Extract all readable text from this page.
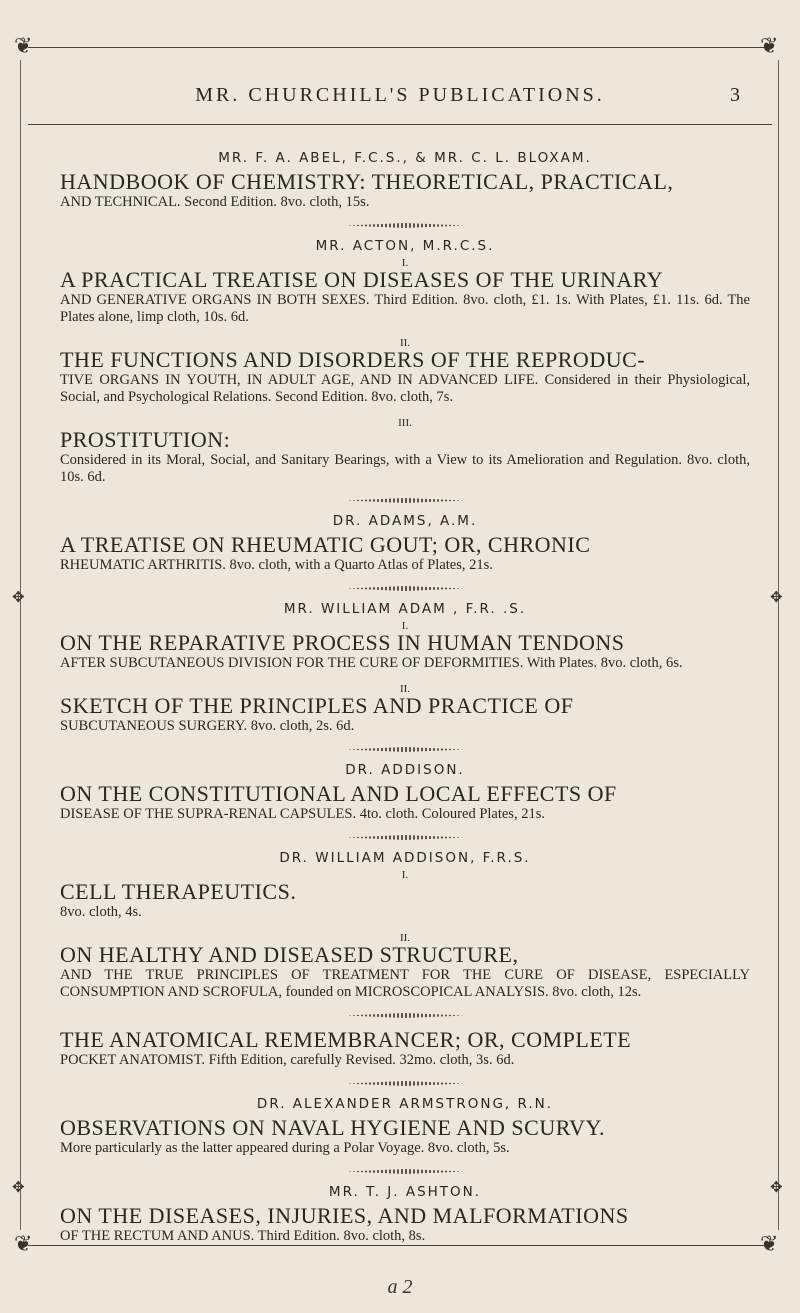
❦	❦
❦	❦
✥	✥
✥	✥
MR. CHURCHILL'S PUBLICATIONS.	3

MR. F. A. ABEL, F.C.S., & MR. C. L. BLOXAM.

HANDBOOK OF CHEMISTRY: THEORETICAL, PRACTICAL,

AND TECHNICAL. Second Edition. 8vo. cloth, 15s.

MR. ACTON, M.R.C.S.

I.

A PRACTICAL TREATISE ON DISEASES OF THE URINARY

AND GENERATIVE ORGANS IN BOTH SEXES. Third Edition. 8vo. cloth, £1. 1s. With Plates, £1. 11s. 6d. The Plates alone, limp cloth, 10s. 6d.

II.

THE FUNCTIONS AND DISORDERS OF THE REPRODUC-

TIVE ORGANS IN YOUTH, IN ADULT AGE, AND IN ADVANCED LIFE. Considered in their Physiological, Social, and Psychological Relations. Second Edition. 8vo. cloth, 7s.

III.

PROSTITUTION:

Considered in its Moral, Social, and Sanitary Bearings, with a View to its Amelioration and Regulation. 8vo. cloth, 10s. 6d.

DR. ADAMS, A.M.

A TREATISE ON RHEUMATIC GOUT; OR, CHRONIC

RHEUMATIC ARTHRITIS. 8vo. cloth, with a Quarto Atlas of Plates, 21s.

MR. WILLIAM ADAM , F.R. .S.

I.

ON THE REPARATIVE PROCESS IN HUMAN TENDONS

AFTER SUBCUTANEOUS DIVISION FOR THE CURE OF DEFORMITIES. With Plates. 8vo. cloth, 6s.

II.

SKETCH OF THE PRINCIPLES AND PRACTICE OF

SUBCUTANEOUS SURGERY. 8vo. cloth, 2s. 6d.

DR. ADDISON.

ON THE CONSTITUTIONAL AND LOCAL EFFECTS OF

DISEASE OF THE SUPRA-RENAL CAPSULES. 4to. cloth. Coloured Plates, 21s.

DR. WILLIAM ADDISON, F.R.S.

I.

CELL THERAPEUTICS.

8vo. cloth, 4s.

II.

ON HEALTHY AND DISEASED STRUCTURE,

AND THE TRUE PRINCIPLES OF TREATMENT FOR THE CURE OF DISEASE, ESPECIALLY CONSUMPTION AND SCROFULA, founded on MICROSCOPICAL ANALYSIS. 8vo. cloth, 12s.

THE ANATOMICAL REMEMBRANCER; OR, COMPLETE

POCKET ANATOMIST. Fifth Edition, carefully Revised. 32mo. cloth, 3s. 6d.

DR. ALEXANDER ARMSTRONG, R.N.

OBSERVATIONS ON NAVAL HYGIENE AND SCURVY.

More particularly as the latter appeared during a Polar Voyage. 8vo. cloth, 5s.

MR. T. J. ASHTON.

ON THE DISEASES, INJURIES, AND MALFORMATIONS

OF THE RECTUM AND ANUS. Third Edition. 8vo. cloth, 8s.

a 2
